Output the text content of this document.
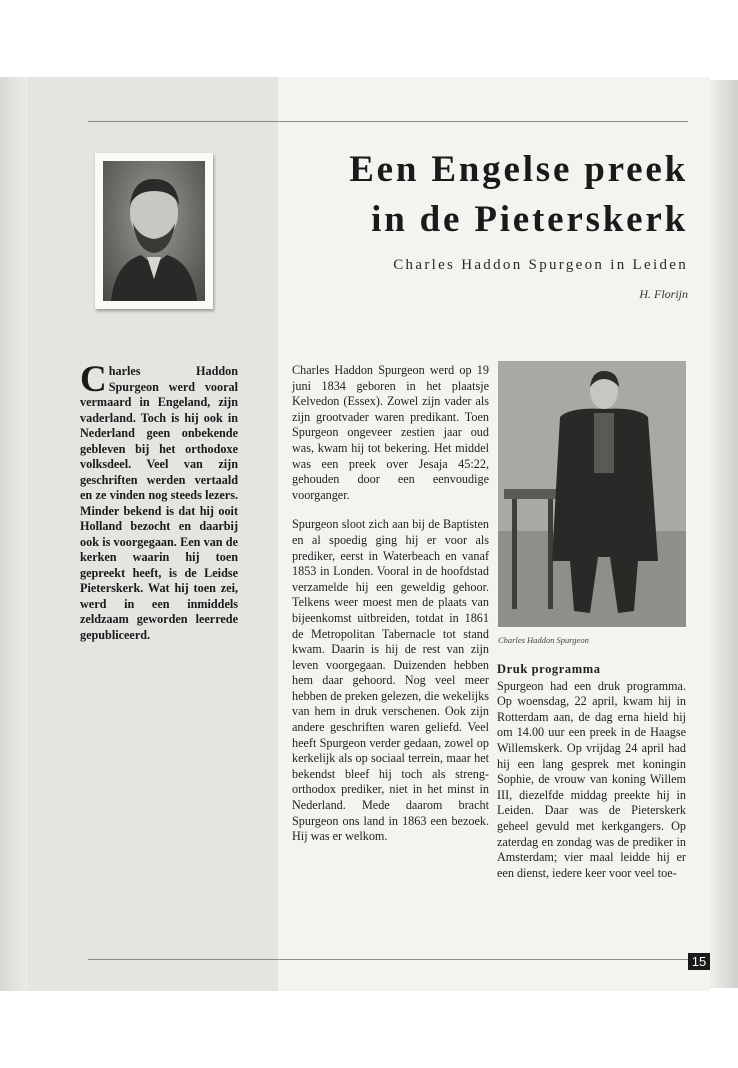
Een Engelse preek
in de Pieterskerk
Charles Haddon Spurgeon in Leiden
H. Florijn
Charles Haddon Spurgeon werd vooral vermaard in Engeland, zijn vaderland. Toch is hij ook in Nederland geen onbekende gebleven bij het orthodoxe volksdeel. Veel van zijn geschriften werden vertaald en ze vinden nog steeds lezers. Minder bekend is dat hij ooit Holland bezocht en daarbij ook is voorgegaan. Een van de kerken waarin hij toen gepreekt heeft, is de Leidse Pieterskerk. Wat hij toen zei, werd in een inmiddels zeldzaam geworden leerrede gepubliceerd.

Charles Haddon Spurgeon werd op 19 juni 1834 geboren in het plaatsje Kelvedon (Essex). Zowel zijn vader als zijn grootvader waren predikant. Toen Spurgeon ongeveer zestien jaar oud was, kwam hij tot bekering. Het middel was een preek over Jesaja 45:22, gehouden door een eenvoudige voorganger.

Spurgeon sloot zich aan bij de Baptisten en al spoedig ging hij er voor als prediker, eerst in Waterbeach en vanaf 1853 in Londen. Vooral in de hoofdstad verzamelde hij een geweldig gehoor. Telkens weer moest men de plaats van bijeenkomst uitbreiden, totdat in 1861 de Metropolitan Tabernacle tot stand kwam. Daarin is hij de rest van zijn leven voorgegaan. Duizenden hebben hem daar gehoord. Nog veel meer hebben de preken gelezen, die wekelijks van hem in druk verschenen. Ook zijn andere geschriften waren geliefd. Veel heeft Spurgeon verder gedaan, zowel op kerkelijk als op sociaal terrein, maar het bekendst bleef hij toch als streng-orthodox prediker, niet in het minst in Nederland. Mede daarom bracht Spurgeon ons land in 1863 een bezoek. Hij was er welkom.

Charles Haddon Spurgeon
Druk programma

Spurgeon had een druk programma. Op woensdag, 22 april, kwam hij in Rotterdam aan, de dag erna hield hij om 14.00 uur een preek in de Haagse Willemskerk. Op vrijdag 24 april had hij een lang gesprek met koningin Sophie, de vrouw van koning Willem III, diezelfde middag preekte hij in Leiden. Daar was de Pieterskerk geheel gevuld met kerkgangers. Op zaterdag en zondag was de prediker in Amsterdam; vier maal leidde hij er een dienst, iedere keer voor veel toe-

15
